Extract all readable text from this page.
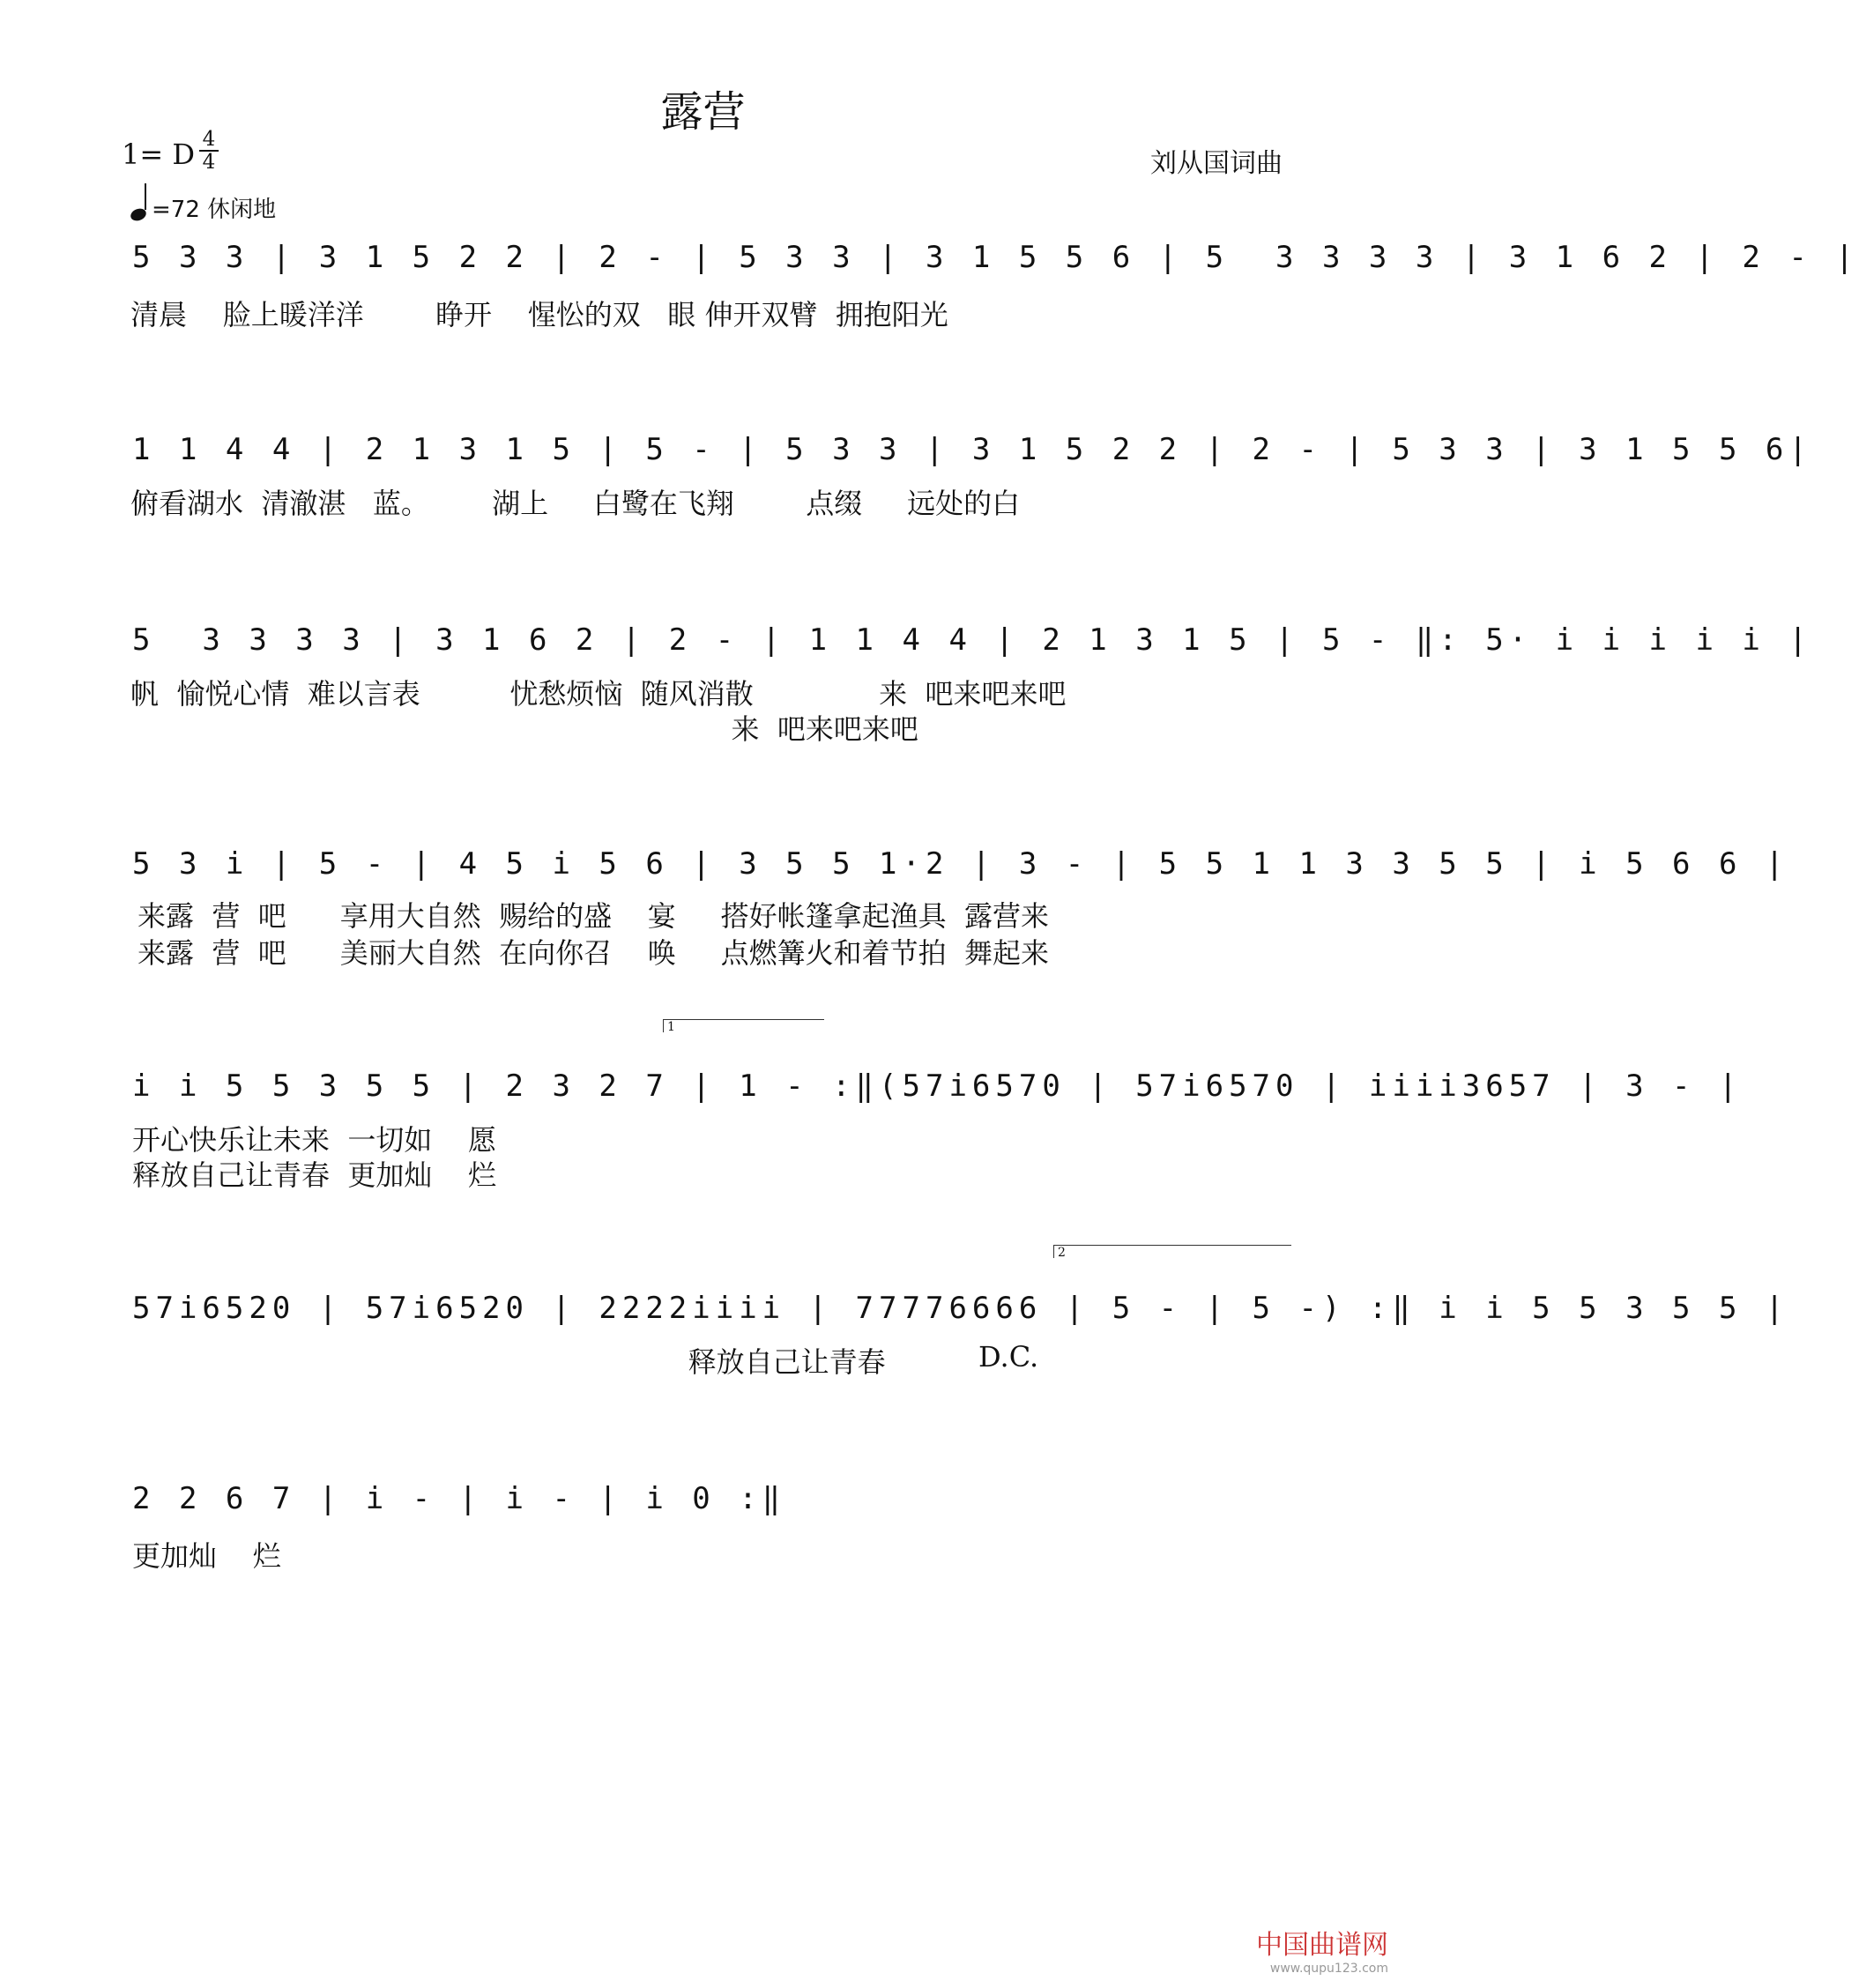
露营
1= D 4
4	刘从国词曲
=72 休闲地
5 3 3 | 3 1 5 2 2 | 2 - | 5 3 3 | 3 1 5 5 6 | 5  3 3 3 3 | 3 1 6 2 | 2 - |
清晨    脸上暖洋洋        睁开    惺忪的双   眼 伸开双臂  拥抱阳光
1 1 4 4 | 2 1 3 1 5 | 5 - | 5 3 3 | 3 1 5 2 2 | 2 - | 5 3 3 | 3 1 5 5 6|
俯看湖水  清澈湛   蓝。       湖上     白鹭在飞翔        点缀     远处的白
5  3 3 3 3 | 3 1 6 2 | 2 - | 1 1 4 4 | 2 1 3 1 5 | 5 - ‖: 5· i i i i i |
帆  愉悦心情  难以言表          忧愁烦恼  随风消散              来  吧来吧来吧
来  吧来吧来吧
5 3 i | 5 - | 4 5 i 5 6 | 3 5 5 1·2 | 3 - | 5 5 1 1 3 3 5 5 | i 5 6 6 |
来露  营  吧      享用大自然  赐给的盛    宴     搭好帐篷拿起渔具  露营来
来露  营  吧      美丽大自然  在向你召    唤     点燃篝火和着节拍  舞起来
1
i i 5 5 3 5 5 | 2 3 2 7 | 1 - :‖(57i6570 | 57i6570 | iiii3657 | 3 - |
开心快乐让未来  一切如    愿
释放自己让青春  更加灿    烂
2
57i6520 | 57i6520 | 2222iiii | 77776666 | 5 - | 5 -) :‖ i i 5 5 3 5 5 |
D.C.
释放自己让青春
2 2 6 7 | i - | i - | i 0 :‖
更加灿    烂
中国曲谱网
www.qupu123.com
